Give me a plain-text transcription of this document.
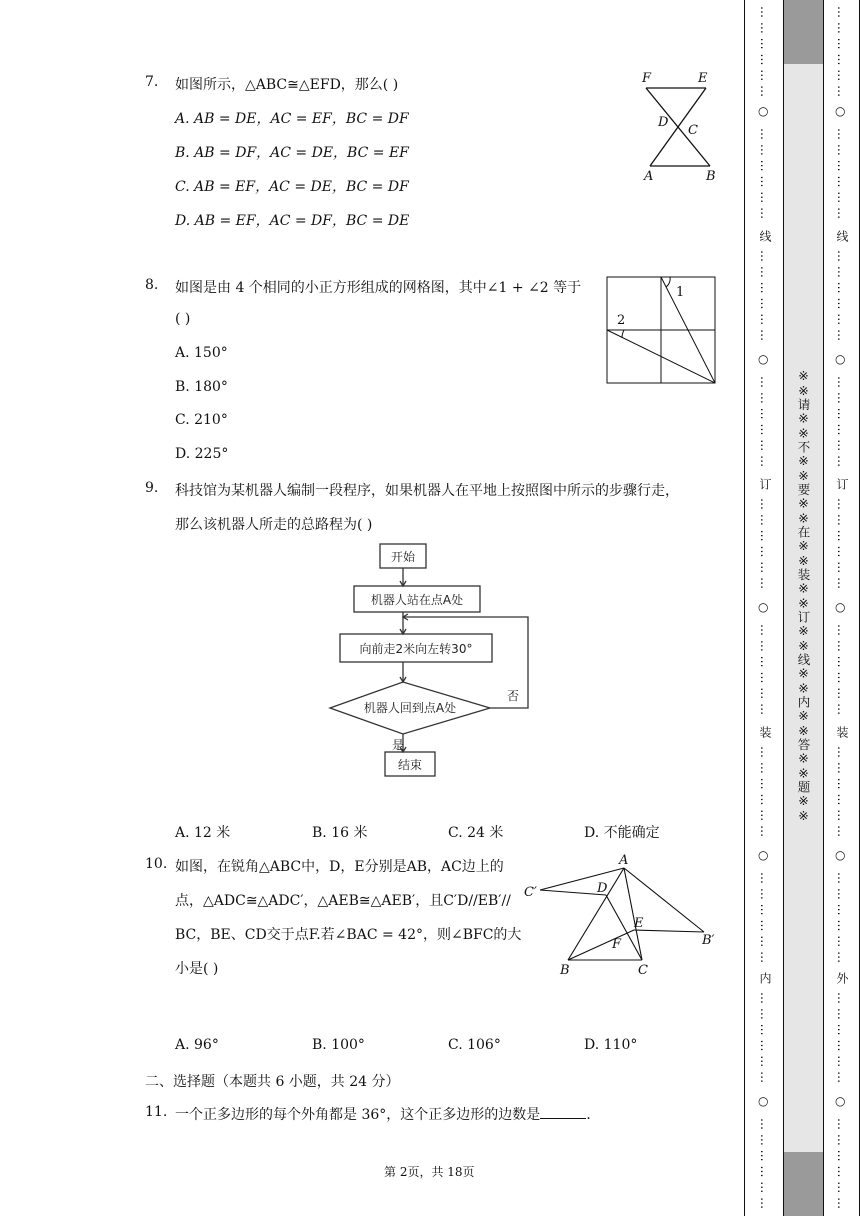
7. 如图所示，△ABC≅△EFD，那么( )
A. AB = DE，AC = EF，BC = DF
B. AB = DF，AC = DE，BC = EF
C. AB = EF，AC = DE，BC = DF
D. AB = EF，AC = DF，BC = DE
F	E
D
C
A	B
8. 如图是由 4 个相同的小正方形组成的网格图，其中∠1 + ∠2 等于
( )
A. 150°
B. 180°
C. 210°
D. 225°
1
2
9. 科技馆为某机器人编制一段程序，如果机器人在平地上按照图中所示的步骤行走，
那么该机器人所走的总路程为( )
开始
机器人站在点A处
向前走2米向左转30°
机器人回到点A处
否
是
结束
A. 12 米	B. 16 米	C. 24 米	D. 不能确定
10. 如图，在锐角△ABC中，D，E分别是AB，AC边上的
点，△ADC≅△ADC′，△AEB≅△AEB′，且C′D//EB′//
BC，BE、CD交于点F.若∠BAC = 42°，则∠BFC的大
小是( )
A
C′	D
E
B′
F
B	C
A. 96°	B. 100°	C. 106°	D. 110°
二、选择题（本题共 6 小题，共 24 分）
11. 一个正多边形的每个外角都是 36°，这个正多边形的边数是	.
第 2页，共 18页
… … … … … …
○
… … … … … …
线
… … … … … …
○
… … … … … …
订
… … … … … …
○
… … … … … …
装
… … … … … …
○
… … … … … …
内
… … … … … …
○
… … … … … …
※※请※※不※※要※※在※※装※※订※※线※※内※※答※※题※※
… … … … … …
○
… … … … … …
线
… … … … … …
○
… … … … … …
订
… … … … … …
○
… … … … … …
装
… … … … … …
○
… … … … … …
外
… … … … … …
○
… … … … … …
